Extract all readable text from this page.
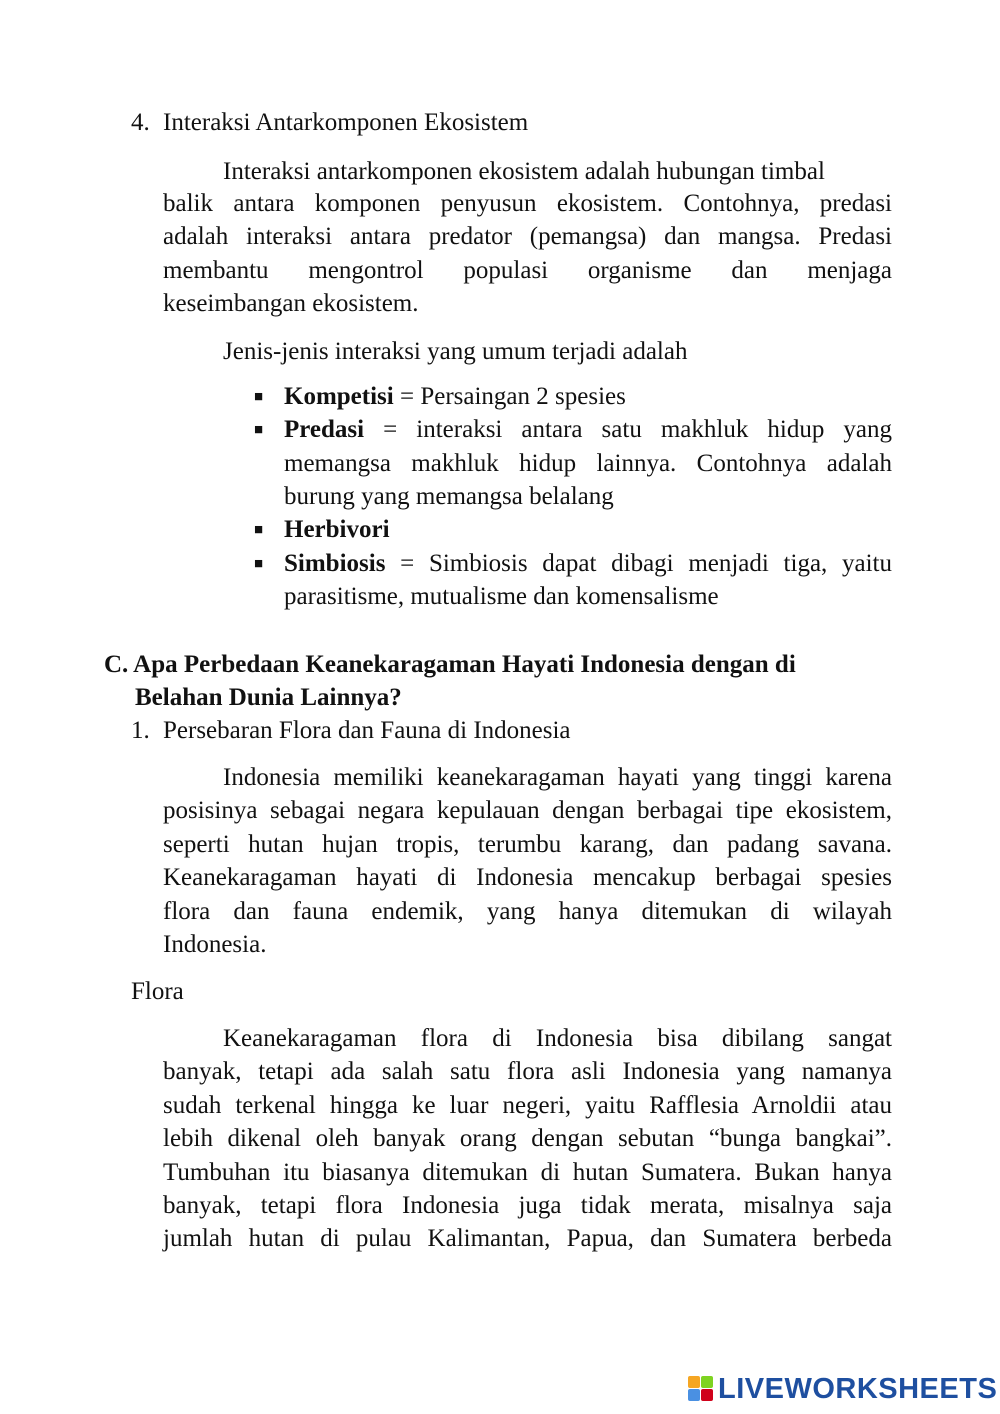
4. Interaksi Antarkomponen Ekosistem
Interaksi antarkomponen ekosistem adalah hubungan timbal
balik antara komponen penyusun ekosistem. Contohnya, predasi
adalah interaksi antara predator (pemangsa) dan mangsa. Predasi
membantu mengontrol populasi organisme dan menjaga
keseimbangan ekosistem.
Jenis-jenis interaksi yang umum terjadi adalah
■ Kompetisi = Persaingan 2 spesies
■ Predasi = interaksi antara satu makhluk hidup yang
memangsa makhluk hidup lainnya. Contohnya adalah
burung yang memangsa belalang
■ Herbivori
■ Simbiosis = Simbiosis dapat dibagi menjadi tiga, yaitu
parasitisme, mutualisme dan komensalisme
C. Apa Perbedaan Keanekaragaman Hayati Indonesia dengan di
Belahan Dunia Lainnya?
1. Persebaran Flora dan Fauna di Indonesia
Indonesia memiliki keanekaragaman hayati yang tinggi karena
posisinya sebagai negara kepulauan dengan berbagai tipe ekosistem,
seperti hutan hujan tropis, terumbu karang, dan padang savana.
Keanekaragaman hayati di Indonesia mencakup berbagai spesies
flora dan fauna endemik, yang hanya ditemukan di wilayah
Indonesia.
Flora
Keanekaragaman flora di Indonesia bisa dibilang sangat
banyak, tetapi ada salah satu flora asli Indonesia yang namanya
sudah terkenal hingga ke luar negeri, yaitu Rafflesia Arnoldii atau
lebih dikenal oleh banyak orang dengan sebutan “bunga bangkai”.
Tumbuhan itu biasanya ditemukan di hutan Sumatera. Bukan hanya
banyak, tetapi flora Indonesia juga tidak merata, misalnya saja
jumlah hutan di pulau Kalimantan, Papua, dan Sumatera berbeda
LIVEWORKSHEETS
